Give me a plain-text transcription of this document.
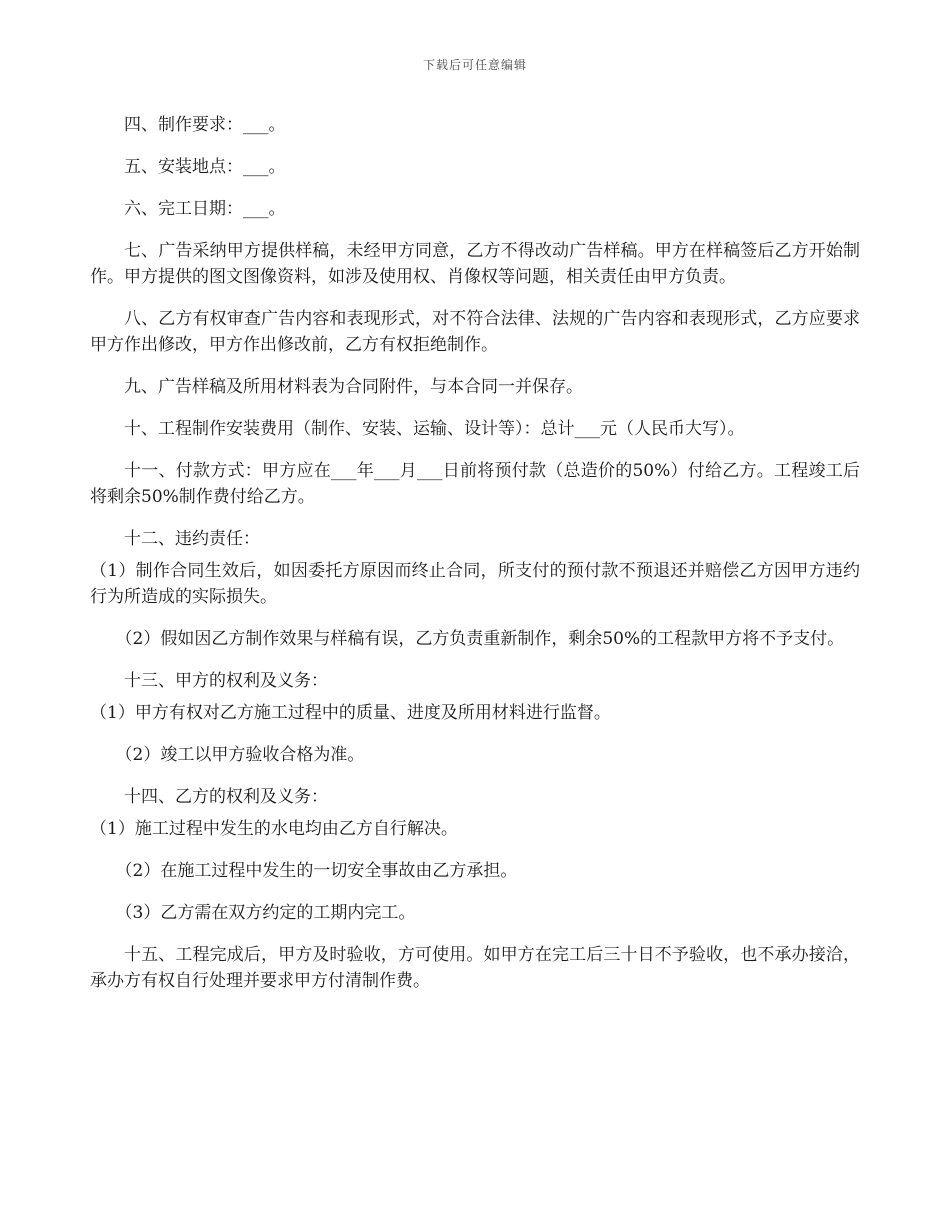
下载后可任意编辑

四、制作要求：___。

五、安装地点：___。

六、完工日期：___。

七、广告采纳甲方提供样稿，未经甲方同意，乙方不得改动广告样稿。甲方在样稿签后乙方开始制作。甲方提供的图文图像资料，如涉及使用权、肖像权等问题，相关责任由甲方负责。

八、乙方有权审查广告内容和表现形式，对不符合法律、法规的广告内容和表现形式，乙方应要求甲方作出修改，甲方作出修改前，乙方有权拒绝制作。

九、广告样稿及所用材料表为合同附件，与本合同一并保存。

十、工程制作安装费用（制作、安装、运输、设计等）：总计___元（人民币大写）。

十一、付款方式：甲方应在___年___月___日前将预付款（总造价的50%）付给乙方。工程竣工后将剩余50%制作费付给乙方。

十二、违约责任：

（1）制作合同生效后，如因委托方原因而终止合同，所支付的预付款不预退还并赔偿乙方因甲方违约行为所造成的实际损失。

（2）假如因乙方制作效果与样稿有误，乙方负责重新制作，剩余50%的工程款甲方将不予支付。

十三、甲方的权利及义务：

（1）甲方有权对乙方施工过程中的质量、进度及所用材料进行监督。

（2）竣工以甲方验收合格为准。

十四、乙方的权利及义务：

（1）施工过程中发生的水电均由乙方自行解决。

（2）在施工过程中发生的一切安全事故由乙方承担。

（3）乙方需在双方约定的工期内完工。

十五、工程完成后，甲方及时验收，方可使用。如甲方在完工后三十日不予验收，也不承办接洽，承办方有权自行处理并要求甲方付清制作费。
